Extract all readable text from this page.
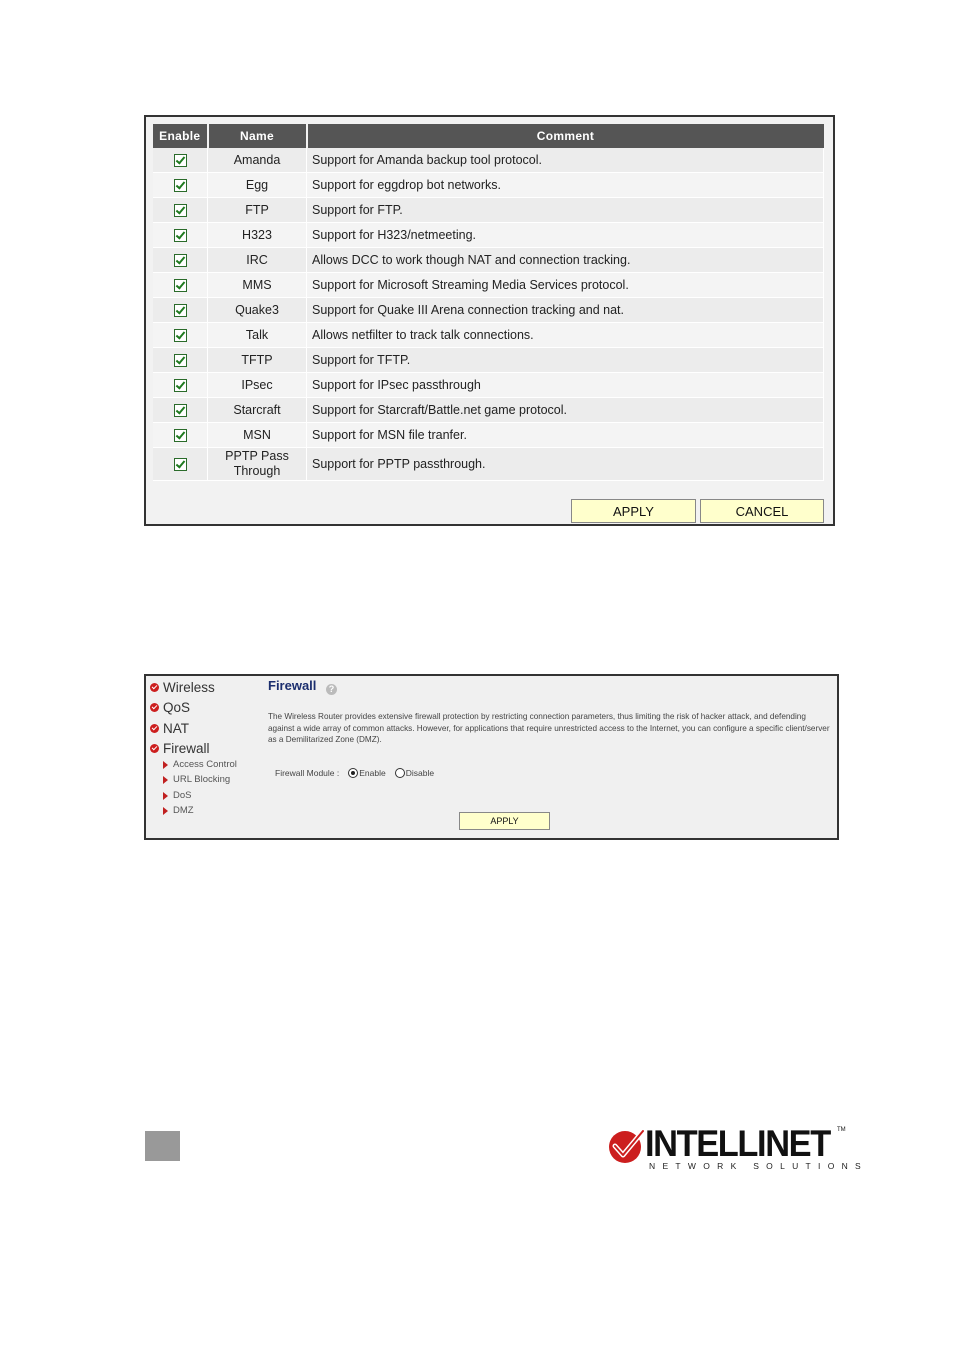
Enable	Name	Comment
	Amanda	Support for Amanda backup tool protocol.
	Egg	Support for eggdrop bot networks.
	FTP	Support for FTP.
	H323	Support for H323/netmeeting.
	IRC	Allows DCC to work though NAT and connection tracking.
	MMS	Support for Microsoft Streaming Media Services protocol.
	Quake3	Support for Quake III Arena connection tracking and nat.
	Talk	Allows netfilter to track talk connections.
	TFTP	Support for TFTP.
	IPsec	Support for IPsec passthrough
	Starcraft	Support for Starcraft/Battle.net game protocol.
	MSN	Support for MSN file tranfer.
	PPTP Pass
Through	Support for PPTP passthrough.
APPLY	CANCEL
Wireless
QoS
NAT
Firewall
Access Control
URL Blocking
DoS
DMZ
Firewall	?

The Wireless Router provides extensive firewall protection by restricting connection parameters, thus limiting the risk of hacker attack, and defending against a wide array of common attacks. However, for applications that require unrestricted access to the Internet, you can configure a specific client/server as a Demilitarized Zone (DMZ).

Firewall Module : Enable Disable
APPLY
INTELLINET TM
NETWORK SOLUTIONS
